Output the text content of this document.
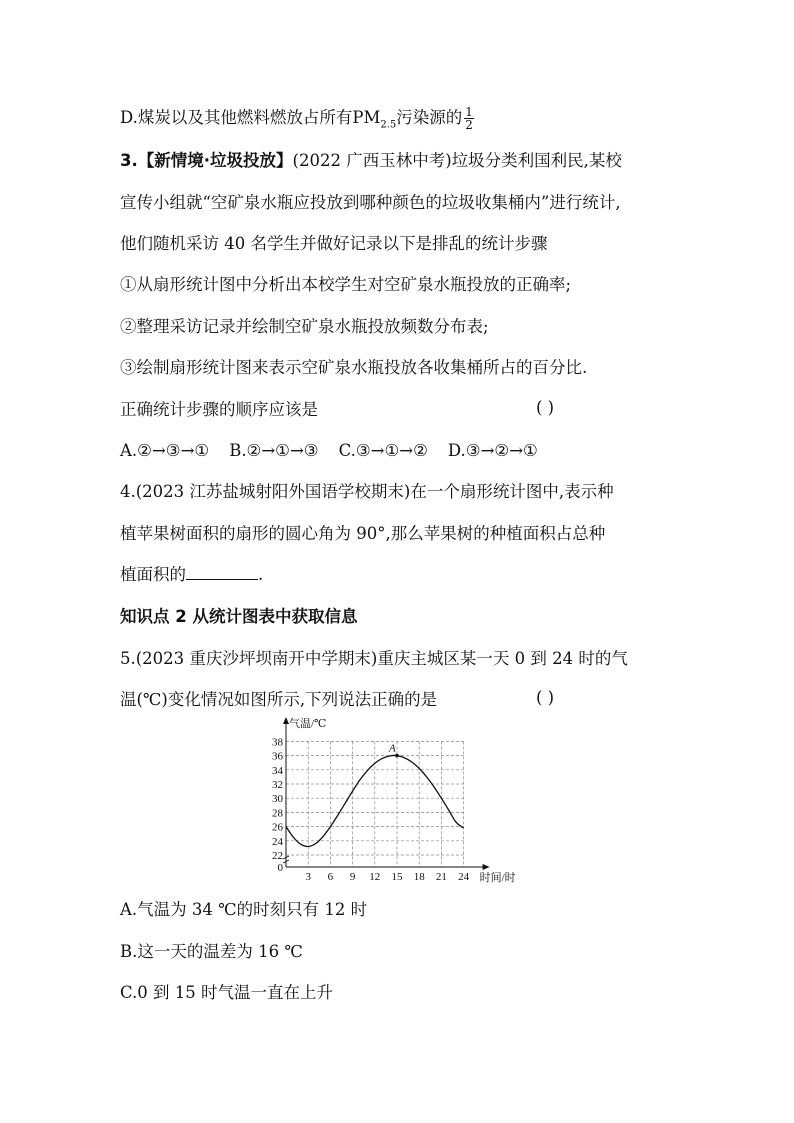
D.煤炭以及其他燃料燃放占所有$PM_{2.5}$污染源的 $\frac{1}{2}$
3.【新情境·垃圾投放】(2022 广西玉林中考)垃圾分类利国利民,某校
宣传小组就“空矿泉水瓶应投放到哪种颜色的垃圾收集桶内”进行统计,
他们随机采访 40 名学生并做好记录以下是排乱的统计步骤
①从扇形统计图中分析出本校学生对空矿泉水瓶投放的正确率;
②整理采访记录并绘制空矿泉水瓶投放频数分布表;
③绘制扇形统计图来表示空矿泉水瓶投放各收集桶所占的百分比.
正确统计步骤的顺序应该是	( )
A.②→③→① B.②→①→③ C.③→①→② D.③→②→①
4.(2023 江苏盐城射阳外国语学校期末)在一个扇形统计图中,表示种
植苹果树面积的扇形的圆心角为 90°,那么苹果树的种植面积占总种
植面积的	.
知识点 2 从统计图表中获取信息
5.(2023 重庆沙坪坝南开中学期末)重庆主城区某一天 0 到 24 时的气
温(℃)变化情况如图所示,下列说法正确的是	( )
22
24
26
28
30
32
34
36
38
3 6 9 12 15 18 21 24
0
气温/℃
时间/时
A
A.气温为 34 ℃的时刻只有 12 时
B.这一天的温差为 16 ℃
C.0 到 15 时气温一直在上升
